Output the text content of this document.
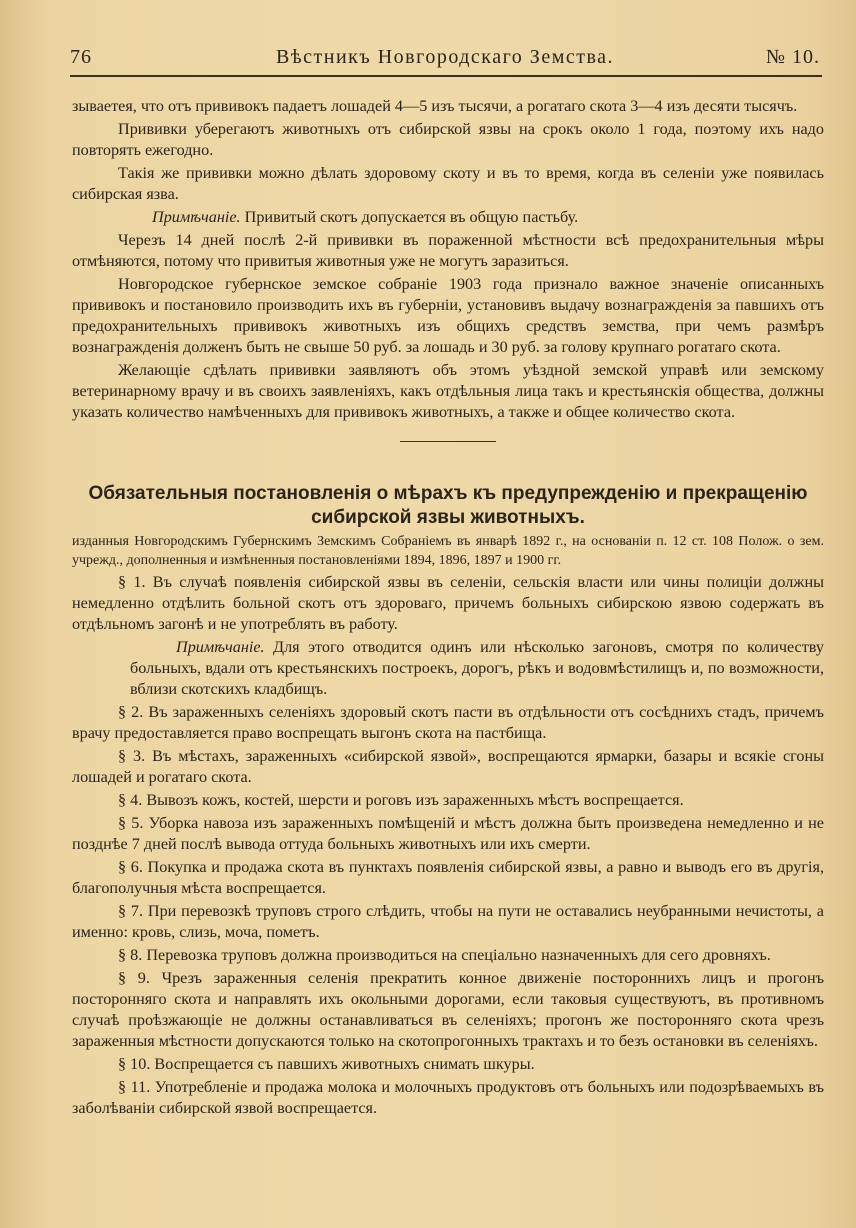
76	Вѣстникъ Новгородскаго Земства.	№ 10.

зываетея, что отъ прививокъ падаетъ лошадей 4—5 изъ тысячи, а рогатаго скота 3—4 изъ десяти тысячъ.

Прививки уберегаютъ животныхъ отъ сибирской язвы на срокъ около 1 года, поэтому ихъ надо повторять ежегодно.

Такія же прививки можно дѣлать здоровому скоту и въ то время, когда въ селеніи уже появилась сибирская язва.

Примѣчаніе. Привитый скотъ допускается въ общую пастьбу.

Черезъ 14 дней послѣ 2-й прививки въ пораженной мѣстности всѣ предохранительныя мѣры отмѣняются, потому что привитыя животныя уже не могутъ заразиться.

Новгородское губернское земское собраніе 1903 года признало важное значеніе описанныхъ прививокъ и постановило производить ихъ въ губерніи, установивъ выдачу вознагражденія за павшихъ отъ предохранительныхъ прививокъ животныхъ изъ общихъ средствъ земства, при чемъ размѣръ вознагражденія долженъ быть не свыше 50 руб. за лошадь и 30 руб. за голову крупнаго рогатаго скота.

Желающіе сдѣлать прививки заявляютъ объ этомъ уѣздной земской управѣ или земскому ветеринарному врачу и въ своихъ заявленіяхъ, какъ отдѣльныя лица такъ и крестьянскія общества, должны указать количество намѣченныхъ для прививокъ животныхъ, а также и общее количество скота.

Обязательныя постановленія о мѣрахъ къ предупрежденію и прекращенію сибирской язвы животныхъ.

изданныя Новгородскимъ Губернскимъ Земскимъ Собраніемъ въ январѣ 1892 г., на основаніи п. 12 ст. 108 Полож. о зем. учрежд., дополненныя и измѣненныя постановленіями 1894, 1896, 1897 и 1900 гг.

§ 1. Въ случаѣ появленія сибирской язвы въ селеніи, сельскія власти или чины полиціи должны немедленно отдѣлить больной скотъ отъ здороваго, причемъ больныхъ сибирскою язвою содержать въ отдѣльномъ загонѣ и не употреблять въ работу.

Примѣчаніе. Для этого отводится одинъ или нѣсколько загоновъ, смотря по количеству больныхъ, вдали отъ крестьянскихъ построекъ, дорогъ, рѣкъ и водовмѣстилищъ и, по возможности, вблизи скотскихъ кладбищъ.

§ 2. Въ зараженныхъ селеніяхъ здоровый скотъ пасти въ отдѣльности отъ сосѣднихъ стадъ, причемъ врачу предоставляется право воспрещать выгонъ скота на пастбища.

§ 3. Въ мѣстахъ, зараженныхъ «сибирской язвой», воспрещаются ярмарки, базары и всякіе сгоны лошадей и рогатаго скота.

§ 4. Вывозъ кожъ, костей, шерсти и роговъ изъ зараженныхъ мѣстъ воспрещается.

§ 5. Уборка навоза изъ зараженныхъ помѣщеній и мѣстъ должна быть произведена немедленно и не позднѣе 7 дней послѣ вывода оттуда больныхъ животныхъ или ихъ смерти.

§ 6. Покупка и продажа скота въ пунктахъ появленія сибирской язвы, а равно и выводъ его въ другія, благополучныя мѣста воспрещается.

§ 7. При перевозкѣ труповъ строго слѣдить, чтобы на пути не оставались неубранными нечистоты, а именно: кровь, слизь, моча, пометъ.

§ 8. Перевозка труповъ должна производиться на спеціально назначенныхъ для сего дровняхъ.

§ 9. Чрезъ зараженныя селенія прекратить конное движеніе постороннихъ лицъ и прогонъ посторонняго скота и направлять ихъ окольными дорогами, если таковыя существуютъ, въ противномъ случаѣ проѣзжающіе не должны останавливаться въ селеніяхъ; прогонъ же посторонняго скота чрезъ зараженныя мѣстности допускаются только на скотопрогонныхъ трактахъ и то безъ остановки въ селеніяхъ.

§ 10. Воспрещается съ павшихъ животныхъ снимать шкуры.

§ 11. Употребленіе и продажа молока и молочныхъ продуктовъ отъ больныхъ или подозрѣваемыхъ въ заболѣваніи сибирской язвой воспрещается.
